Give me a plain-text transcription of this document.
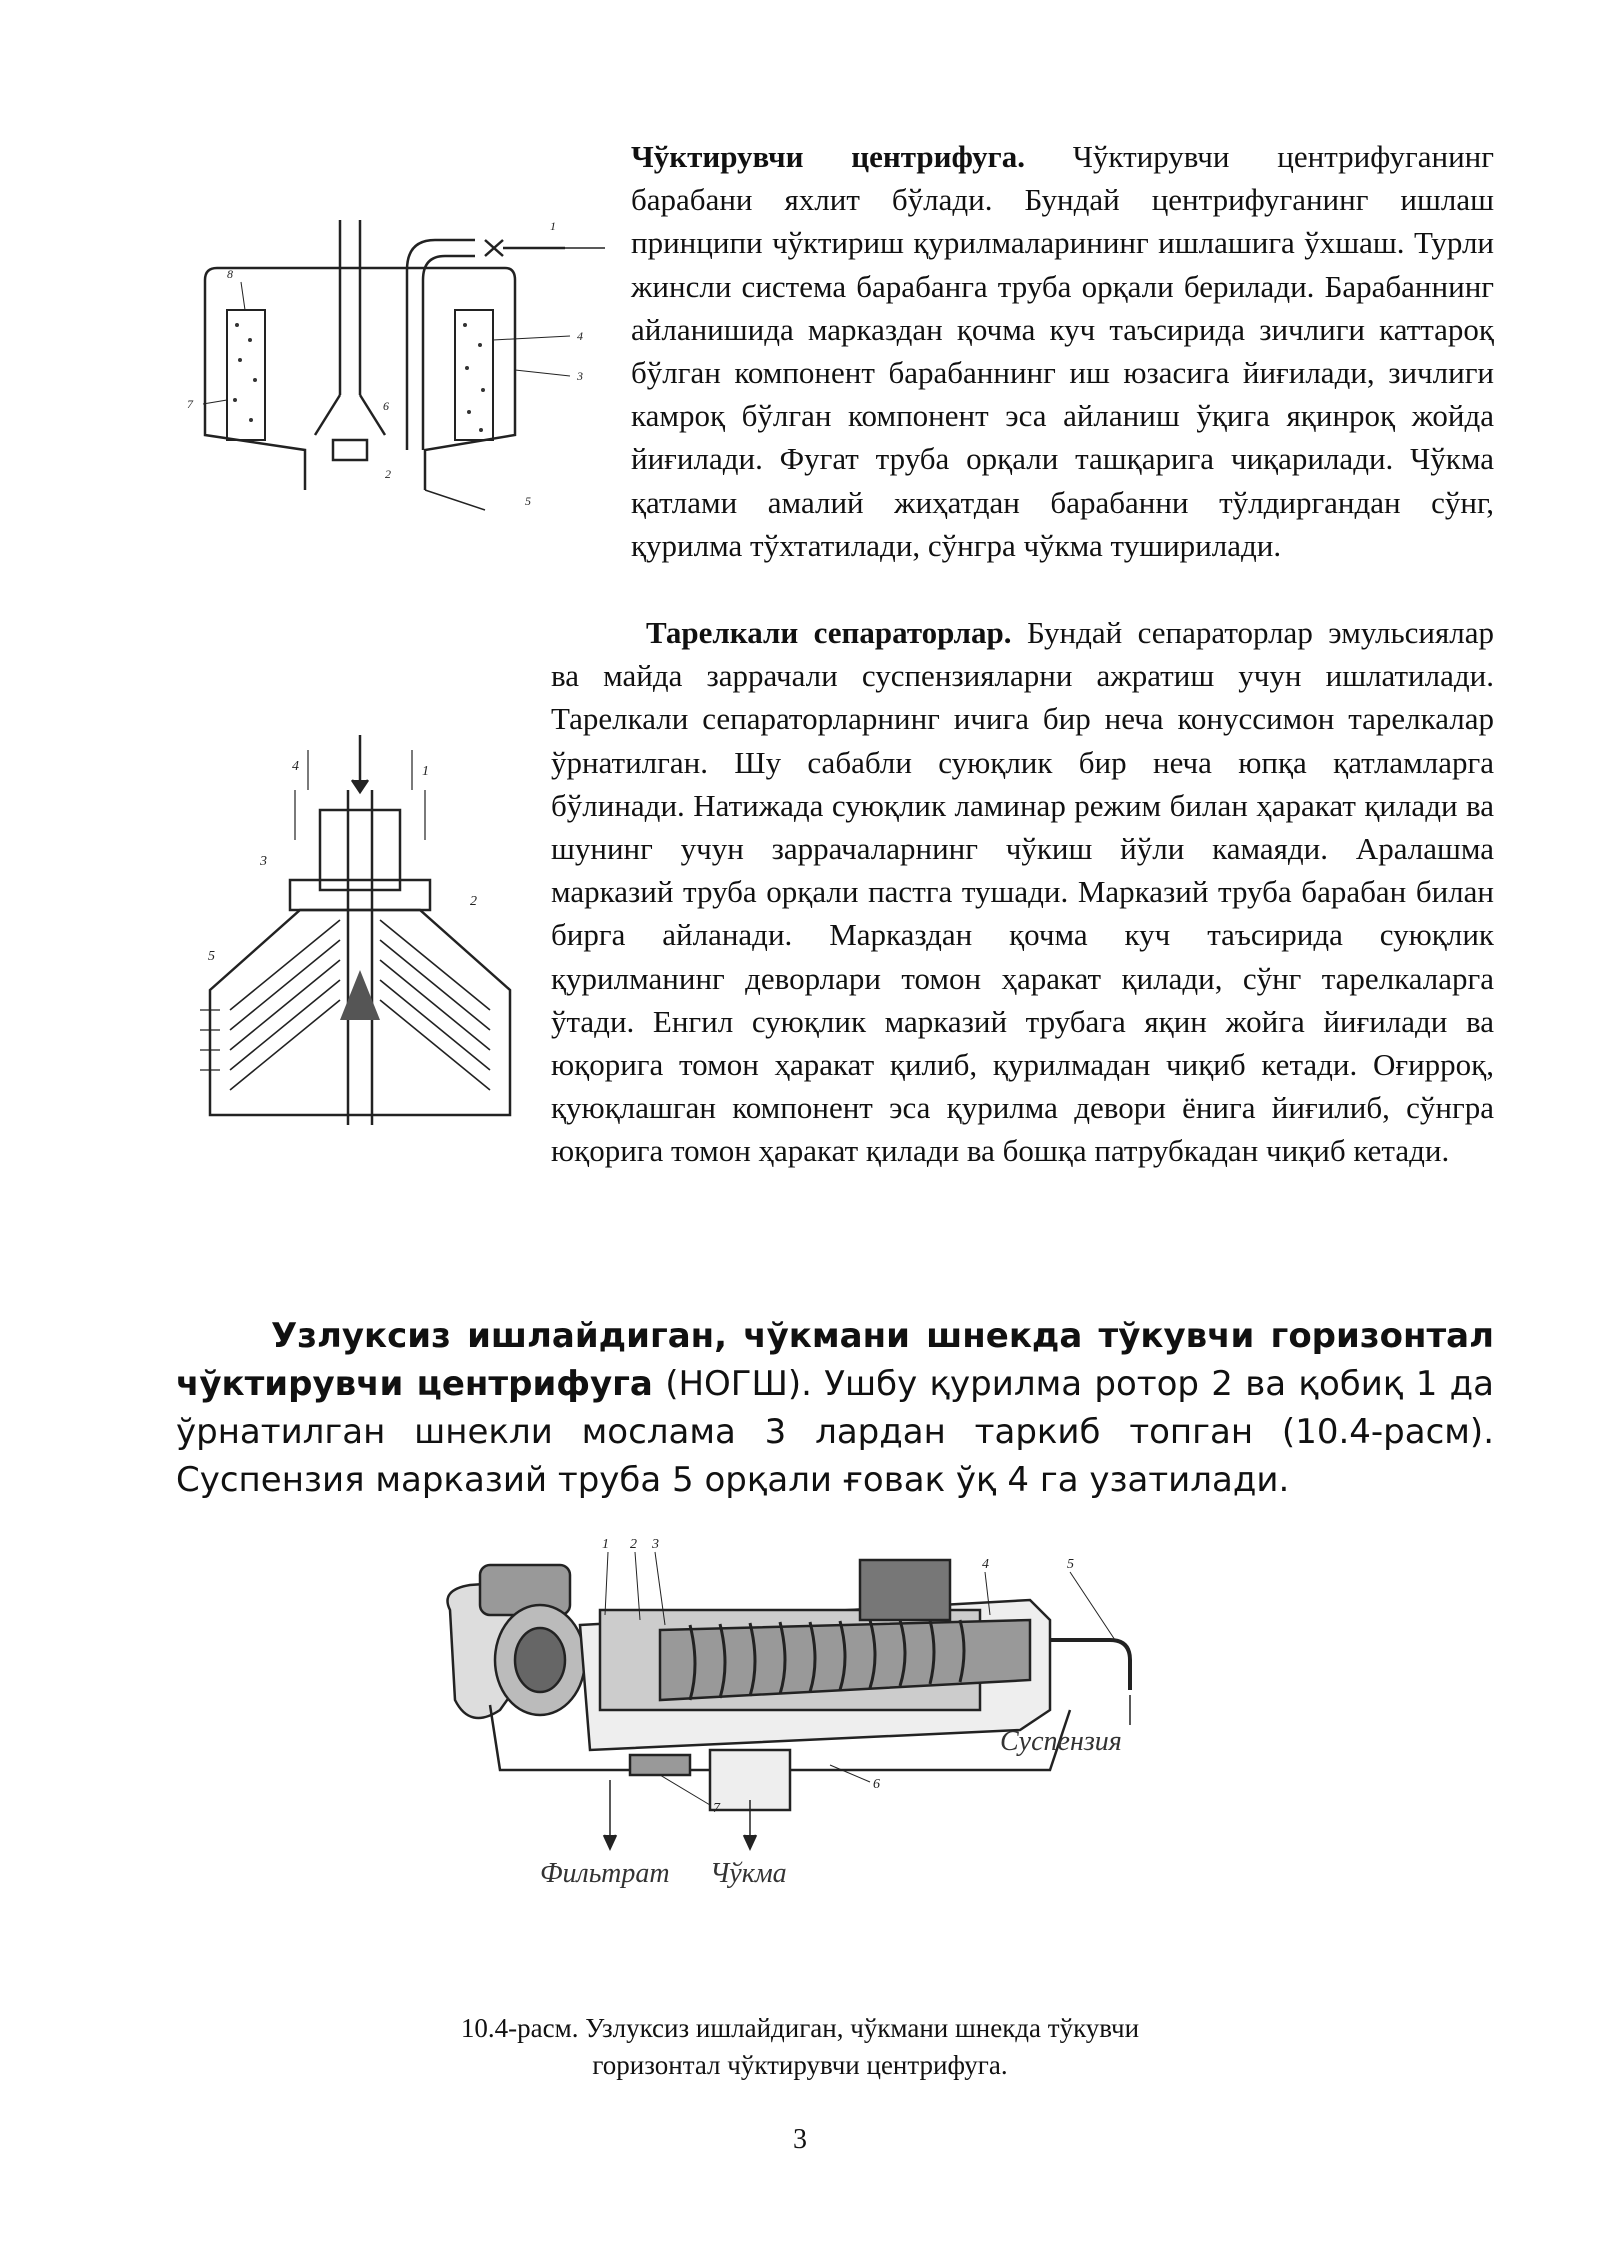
1
2
3
4
5
6
7
8
1
2
3
4
5

Чўктирувчи центрифуга. Чўктирувчи центрифуганинг барабани яхлит бўлади. Бундай центрифуганинг ишлаш принципи чўктириш қурилмаларининг ишлашига ўхшаш. Турли жинсли система барабанга труба орқали берилади. Барабаннинг айланишида марказдан қочма куч таъсирида зичлиги каттароқ бўлган компонент барабаннинг иш юзасига йиғилади, зичлиги камроқ бўлган компонент эса айланиш ўқига яқинроқ жойда йиғилади. Фугат труба орқали ташқарига чиқарилади. Чўкма қатлами амалий жиҳатдан барабанни тўлдиргандан сўнг, қурилма тўхтатилади, сўнгра чўкма туширилади.

Тарелкали сепараторлар. Бундай сепараторлар эмульсиялар ва майда заррачали суспензияларни ажратиш учун ишлатилади. Тарелкали сепараторларнинг ичига бир неча конуссимон тарелкалар ўрнатилган. Шу сабабли суюқлик бир неча юпқа қатламларга бўлинади. Натижада суюқлик ламинар режим билан ҳаракат қилади ва шунинг учун заррачаларнинг чўкиш йўли камаяди. Аралашма марказий труба орқали пастга тушади. Марказий труба барабан билан бирга айланади. Марказдан қочма куч таъсирида суюқлик қурилманинг деворлари томон ҳаракат қилади, сўнг тарелкаларга ўтади. Енгил суюқлик марказий трубага яқин жойга йиғилади ва юқорига томон ҳаракат қилиб, қурилмадан чиқиб кетади. Оғирроқ, қуюқлашган компонент эса қурилма девори ёнига йиғилиб, сўнгра юқорига томон ҳаракат қилади ва бошқа патрубкадан чиқиб кетади.

Узлуксиз ишлайдиган, чўкмани шнекда тўкувчи горизонтал чўктирувчи центрифуга (НОГШ). Ушбу қурилма ротор 2 ва қобиқ 1 да ўрнатилган шнекли мослама 3 лардан таркиб топган (10.4-расм). Суспензия марказий труба 5 орқали ғовак ўқ 4 га узатилади.

1 2 3
4	5
6
7
Суспензия
Фильтрат Чўкма
10.4-расм. Узлуксиз ишлайдиган, чўкмани шнекда тўкувчи
горизонтал чўктирувчи центрифуга.
3
